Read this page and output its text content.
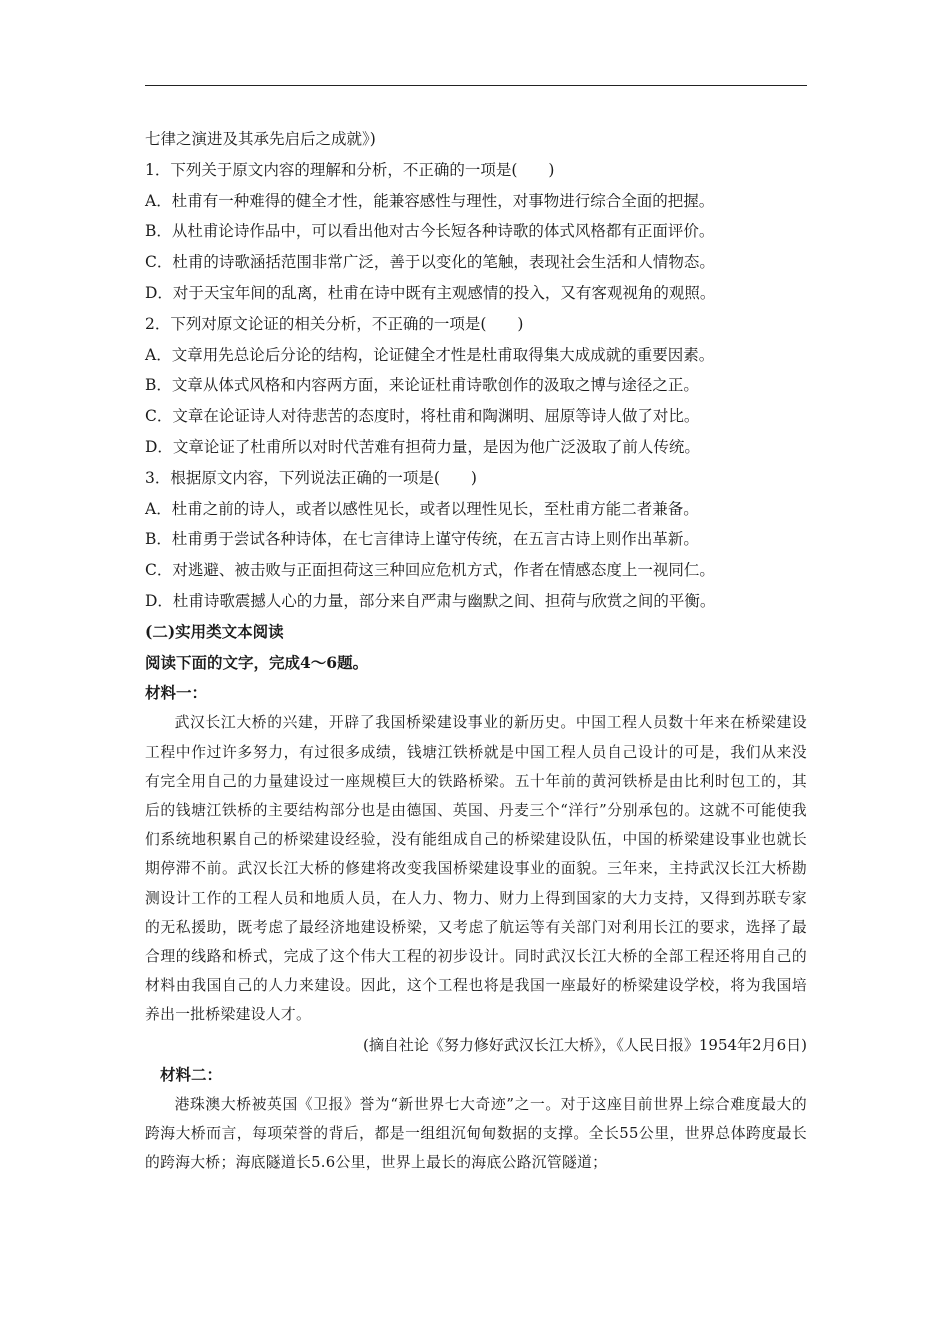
七律之演进及其承先启后之成就》)
1．下列关于原文内容的理解和分析，不正确的一项是(　　)
A．杜甫有一种难得的健全才性，能兼容感性与理性，对事物进行综合全面的把握。
B．从杜甫论诗作品中，可以看出他对古今长短各种诗歌的体式风格都有正面评价。
C．杜甫的诗歌涵括范围非常广泛，善于以变化的笔触，表现社会生活和人情物态。
D．对于天宝年间的乱离，杜甫在诗中既有主观感情的投入，又有客观视角的观照。
2．下列对原文论证的相关分析，不正确的一项是(　　)
A．文章用先总论后分论的结构，论证健全才性是杜甫取得集大成成就的重要因素。
B．文章从体式风格和内容两方面，来论证杜甫诗歌创作的汲取之博与途径之正。
C．文章在论证诗人对待悲苦的态度时，将杜甫和陶渊明、屈原等诗人做了对比。
D．文章论证了杜甫所以对时代苦难有担荷力量，是因为他广泛汲取了前人传统。
3．根据原文内容，下列说法正确的一项是(　　)
A．杜甫之前的诗人，或者以感性见长，或者以理性见长，至杜甫方能二者兼备。
B．杜甫勇于尝试各种诗体，在七言律诗上谨守传统，在五言古诗上则作出革新。
C．对逃避、被击败与正面担荷这三种回应危机方式，作者在情感态度上一视同仁。
D．杜甫诗歌震撼人心的力量，部分来自严肃与幽默之间、担荷与欣赏之间的平衡。
(二)实用类文本阅读
阅读下面的文字，完成4～6题。
材料一：

武汉长江大桥的兴建，开辟了我国桥梁建设事业的新历史。中国工程人员数十年来在桥梁建设工程中作过许多努力，有过很多成绩，钱塘江铁桥就是中国工程人员自己设计的可是，我们从来没有完全用自己的力量建设过一座规模巨大的铁路桥梁。五十年前的黄河铁桥是由比利时包工的，其后的钱塘江铁桥的主要结构部分也是由德国、英国、丹麦三个“洋行”分别承包的。这就不可能使我们系统地积累自己的桥梁建设经验，没有能组成自己的桥梁建设队伍，中国的桥梁建设事业也就长期停滞不前。武汉长江大桥的修建将改变我国桥梁建设事业的面貌。三年来，主持武汉长江大桥勘测设计工作的工程人员和地质人员，在人力、物力、财力上得到国家的大力支持，又得到苏联专家的无私援助，既考虑了最经济地建设桥梁，又考虑了航运等有关部门对利用长江的要求，选择了最合理的线路和桥式，完成了这个伟大工程的初步设计。同时武汉长江大桥的全部工程还将用自己的材料由我国自己的人力来建设。因此，这个工程也将是我国一座最好的桥梁建设学校，将为我国培养出一批桥梁建设人才。

(摘自社论《努力修好武汉长江大桥》，《人民日报》1954年2月6日)
材料二：

港珠澳大桥被英国《卫报》誉为“新世界七大奇迹”之一。对于这座目前世界上综合难度最大的跨海大桥而言，每项荣誉的背后，都是一组组沉甸甸数据的支撑。全长55公里，世界总体跨度最长的跨海大桥；海底隧道长5.6公里，世界上最长的海底公路沉管隧道；
